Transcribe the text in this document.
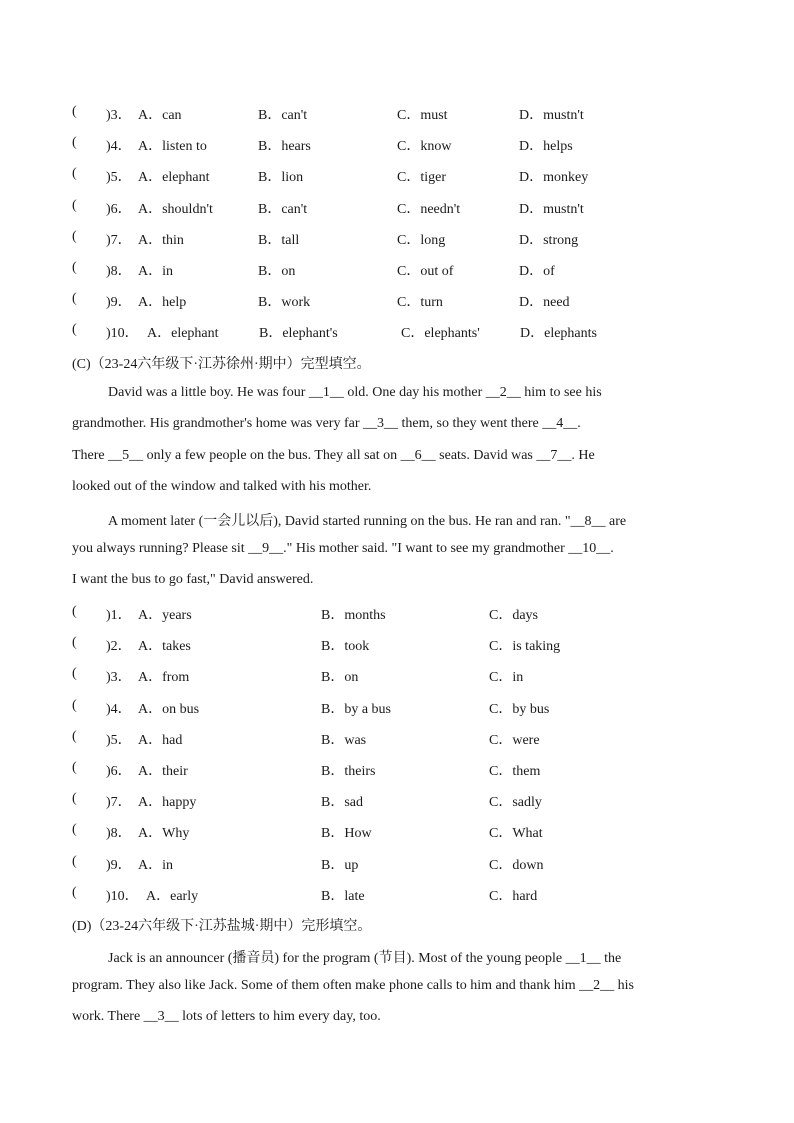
( )3． A．can	B．can't	C．must	D．mustn't
( )4． A．listen to	B．hears	C．know	D．helps
( )5． A．elephant	B．lion	C．tiger	D．monkey
( )6． A．shouldn't	B．can't	C．needn't	D．mustn't
( )7． A．thin	B．tall	C．long	D．strong
( )8． A．in	B．on	C．out of	D．of
( )9． A．help	B．work	C．turn	D．need
( )10． A．elephant	B．elephant's	C．elephants'	D．elephants
(C)（23-24六年级下·江苏徐州·期中）完型填空。
David was a little boy. He was four __1__ old. One day his mother __2__ him to see his
grandmother. His grandmother's home was very far __3__ them, so they went there __4__.
There __5__ only a few people on the bus. They all sat on __6__ seats. David was __7__. He
looked out of the window and talked with his mother.
A moment later (一会儿以后), David started running on the bus. He ran and ran. "__8__ are
you always running? Please sit __9__." His mother said. "I want to see my grandmother __10__.
I want the bus to go fast," David answered.
( )1． A．years	B．months	C．days
( )2． A．takes	B．took	C．is taking
( )3． A．from	B．on	C．in
( )4． A．on bus	B．by a bus	C．by bus
( )5． A．had	B．was	C．were
( )6． A．their	B．theirs	C．them
( )7． A．happy	B．sad	C．sadly
( )8． A．Why	B．How	C．What
( )9． A．in	B．up	C．down
( )10． A．early	B．late	C．hard
(D)（23-24六年级下·江苏盐城·期中）完形填空。
Jack is an announcer (播音员) for the program (节目). Most of the young people __1__ the
program. They also like Jack. Some of them often make phone calls to him and thank him __2__ his
work. There __3__ lots of letters to him every day, too.
